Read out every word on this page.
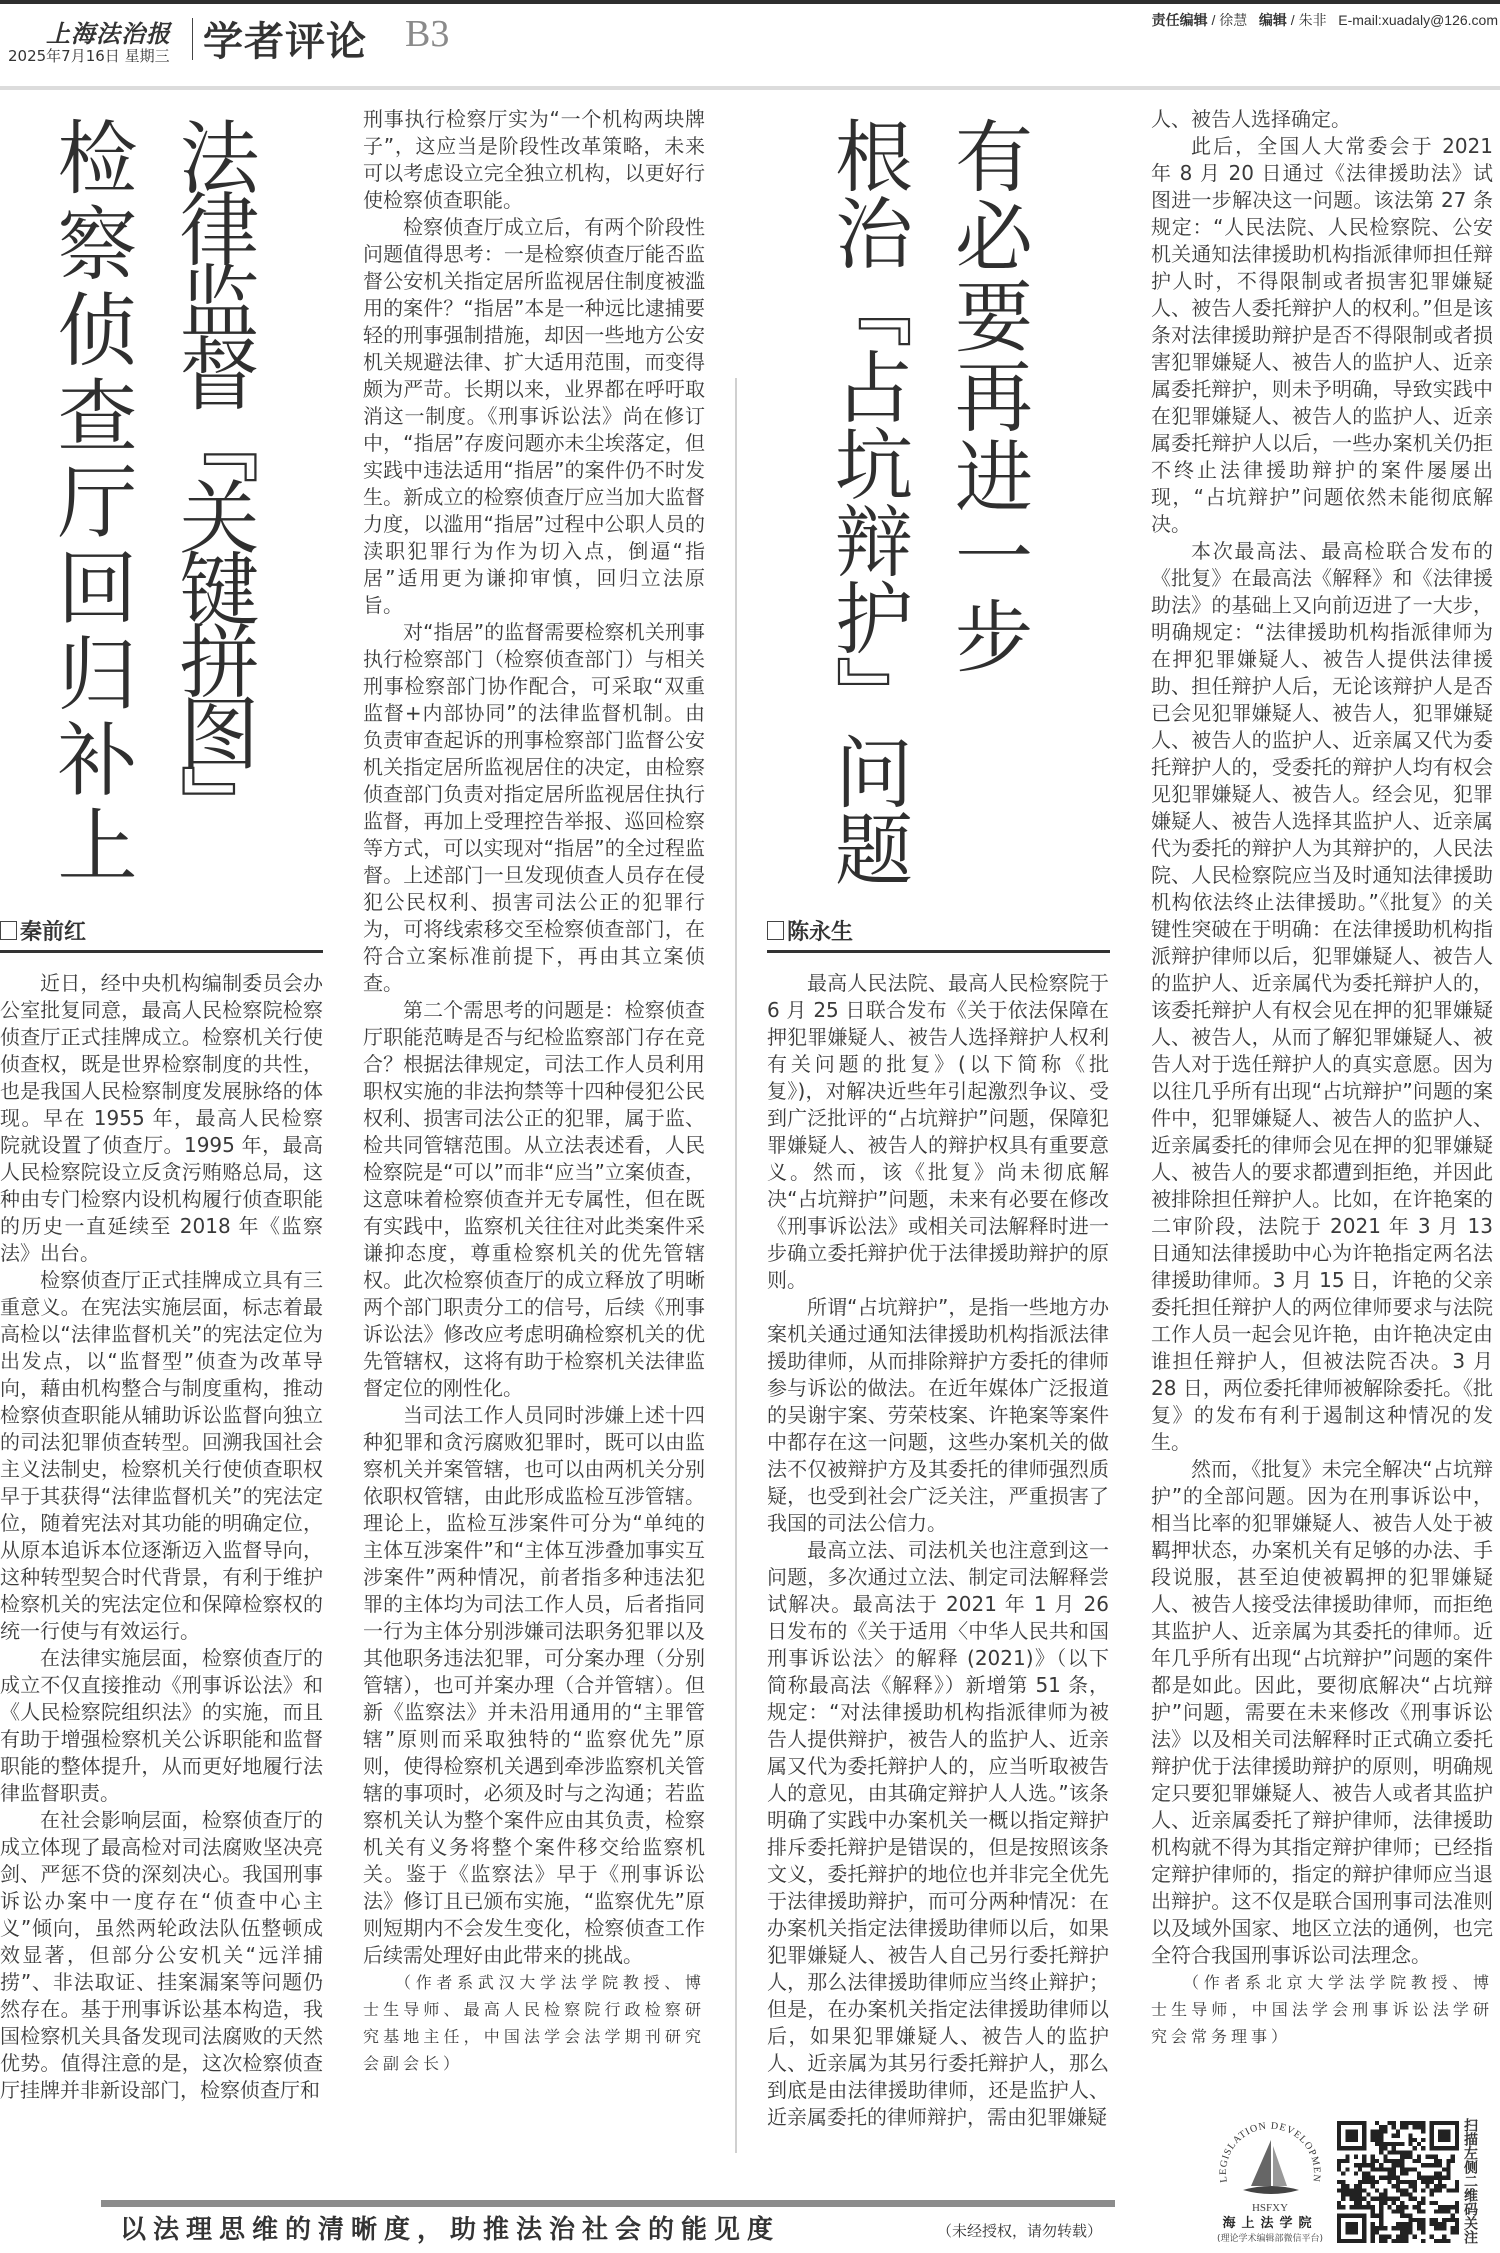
上海法治报
2025年7月16日 星期三 学者评论 B3	责任编辑 / 徐慧 编辑 / 朱非 E-mail:xuadaly@126.com
检察侦查厅回归补上 法律监督『关键拼图』
秦前红

近日，经中央机构编制委员会办公室批复同意，最高人民检察院检察侦查厅正式挂牌成立。检察机关行使侦查权，既是世界检察制度的共性，也是我国人民检察制度发展脉络的体现。早在 1955 年，最高人民检察院就设置了侦查厅。1995 年，最高人民检察院设立反贪污贿赂总局，这种由专门检察内设机构履行侦查职能的历史一直延续至 2018 年《监察法》出台。

检察侦查厅正式挂牌成立具有三重意义。在宪法实施层面，标志着最高检以“法律监督机关”的宪法定位为出发点，以“监督型”侦查为改革导向，藉由机构整合与制度重构，推动检察侦查职能从辅助诉讼监督向独立的司法犯罪侦查转型。回溯我国社会主义法制史，检察机关行使侦查职权早于其获得“法律监督机关”的宪法定位，随着宪法对其功能的明确定位，从原本追诉本位逐渐迈入监督导向，这种转型契合时代背景，有利于维护检察机关的宪法定位和保障检察权的统一行使与有效运行。

在法律实施层面，检察侦查厅的成立不仅直接推动《刑事诉讼法》和《人民检察院组织法》的实施，而且有助于增强检察机关公诉职能和监督职能的整体提升，从而更好地履行法律监督职责。

在社会影响层面，检察侦查厅的成立体现了最高检对司法腐败坚决亮剑、严惩不贷的深刻决心。我国刑事诉讼办案中一度存在“侦查中心主义”倾向，虽然两轮政法队伍整顿成效显著，但部分公安机关“远洋捕捞”、非法取证、挂案漏案等问题仍然存在。基于刑事诉讼基本构造，我国检察机关具备发现司法腐败的天然优势。值得注意的是，这次检察侦查厅挂牌并非新设部门，检察侦查厅和

刑事执行检察厅实为“一个机构两块牌子”，这应当是阶段性改革策略，未来可以考虑设立完全独立机构，以更好行使检察侦查职能。

检察侦查厅成立后，有两个阶段性问题值得思考：一是检察侦查厅能否监督公安机关指定居所监视居住制度被滥用的案件？“指居”本是一种远比逮捕要轻的刑事强制措施，却因一些地方公安机关规避法律、扩大适用范围，而变得颇为严苛。长期以来，业界都在呼吁取消这一制度。《刑事诉讼法》尚在修订中，“指居”存废问题亦未尘埃落定，但实践中违法适用“指居”的案件仍不时发生。新成立的检察侦查厅应当加大监督力度，以滥用“指居”过程中公职人员的渎职犯罪行为作为切入点，倒逼“指居”适用更为谦抑审慎，回归立法原旨。

对“指居”的监督需要检察机关刑事执行检察部门（检察侦查部门）与相关刑事检察部门协作配合，可采取“双重监督+内部协同”的法律监督机制。由负责审查起诉的刑事检察部门监督公安机关指定居所监视居住的决定，由检察侦查部门负责对指定居所监视居住执行监督，再加上受理控告举报、巡回检察等方式，可以实现对“指居”的全过程监督。上述部门一旦发现侦查人员存在侵犯公民权利、损害司法公正的犯罪行为，可将线索移交至检察侦查部门，在符合立案标准前提下，再由其立案侦查。

第二个需思考的问题是：检察侦查厅职能范畴是否与纪检监察部门存在竞合？根据法律规定，司法工作人员利用职权实施的非法拘禁等十四种侵犯公民权利、损害司法公正的犯罪，属于监、检共同管辖范围。从立法表述看，人民检察院是“可以”而非“应当”立案侦查，这意味着检察侦查并无专属性，但在既有实践中，监察机关往往对此类案件采谦抑态度，尊重检察机关的优先管辖权。此次检察侦查厅的成立释放了明晰两个部门职责分工的信号，后续《刑事诉讼法》修改应考虑明确检察机关的优先管辖权，这将有助于检察机关法律监督定位的刚性化。

当司法工作人员同时涉嫌上述十四种犯罪和贪污腐败犯罪时，既可以由监察机关并案管辖，也可以由两机关分别依职权管辖，由此形成监检互涉管辖。理论上，监检互涉案件可分为“单纯的主体互涉案件”和“主体互涉叠加事实互涉案件”两种情况，前者指多种违法犯罪的主体均为司法工作人员，后者指同一行为主体分别涉嫌司法职务犯罪以及其他职务违法犯罪，可分案办理（分别管辖），也可并案办理（合并管辖）。但新《监察法》并未沿用通用的“主罪管辖”原则而采取独特的“监察优先”原则，使得检察机关遇到牵涉监察机关管辖的事项时，必须及时与之沟通；若监察机关认为整个案件应由其负责，检察机关有义务将整个案件移交给监察机关。鉴于《监察法》早于《刑事诉讼法》修订且已颁布实施，“监察优先”原则短期内不会发生变化，检察侦查工作后续需处理好由此带来的挑战。

（作者系武汉大学法学院教授、博士生导师、最高人民检察院行政检察研究基地主任，中国法学会法学期刊研究会副会长）

根治『占坑辩护』问题 有必要再进一步
陈永生

最高人民法院、最高人民检察院于 6 月 25 日联合发布《关于依法保障在押犯罪嫌疑人、被告人选择辩护人权利有关问题的批复》(以下简称《批复》)，对解决近些年引起激烈争议、受到广泛批评的“占坑辩护”问题，保障犯罪嫌疑人、被告人的辩护权具有重要意义。然而，该《批复》尚未彻底解决“占坑辩护”问题，未来有必要在修改《刑事诉讼法》或相关司法解释时进一步确立委托辩护优于法律援助辩护的原则。

所谓“占坑辩护”，是指一些地方办案机关通过通知法律援助机构指派法律援助律师，从而排除辩护方委托的律师参与诉讼的做法。在近年媒体广泛报道的吴谢宇案、劳荣枝案、许艳案等案件中都存在这一问题，这些办案机关的做法不仅被辩护方及其委托的律师强烈质疑，也受到社会广泛关注，严重损害了我国的司法公信力。

最高立法、司法机关也注意到这一问题，多次通过立法、制定司法解释尝试解决。最高法于 2021 年 1 月 26 日发布的《关于适用〈中华人民共和国刑事诉讼法〉的解释 (2021)》（以下简称最高法《解释》）新增第 51 条，规定：“对法律援助机构指派律师为被告人提供辩护，被告人的监护人、近亲属又代为委托辩护人的，应当听取被告人的意见，由其确定辩护人人选。”该条明确了实践中办案机关一概以指定辩护排斥委托辩护是错误的，但是按照该条文义，委托辩护的地位也并非完全优先于法律援助辩护，而可分两种情况：在办案机关指定法律援助律师以后，如果犯罪嫌疑人、被告人自己另行委托辩护人，那么法律援助律师应当终止辩护；但是，在办案机关指定法律援助律师以后，如果犯罪嫌疑人、被告人的监护人、近亲属为其另行委托辩护人，那么到底是由法律援助律师，还是监护人、近亲属委托的律师辩护，需由犯罪嫌疑

人、被告人选择确定。

此后，全国人大常委会于 2021 年 8 月 20 日通过《法律援助法》试图进一步解决这一问题。该法第 27 条规定：“人民法院、人民检察院、公安机关通知法律援助机构指派律师担任辩护人时，不得限制或者损害犯罪嫌疑人、被告人委托辩护人的权利。”但是该条对法律援助辩护是否不得限制或者损害犯罪嫌疑人、被告人的监护人、近亲属委托辩护，则未予明确，导致实践中在犯罪嫌疑人、被告人的监护人、近亲属委托辩护人以后，一些办案机关仍拒不终止法律援助辩护的案件屡屡出现，“占坑辩护”问题依然未能彻底解决。

本次最高法、最高检联合发布的《批复》在最高法《解释》和《法律援助法》的基础上又向前迈进了一大步，明确规定：“法律援助机构指派律师为在押犯罪嫌疑人、被告人提供法律援助、担任辩护人后，无论该辩护人是否已会见犯罪嫌疑人、被告人，犯罪嫌疑人、被告人的监护人、近亲属又代为委托辩护人的，受委托的辩护人均有权会见犯罪嫌疑人、被告人。经会见，犯罪嫌疑人、被告人选择其监护人、近亲属代为委托的辩护人为其辩护的，人民法院、人民检察院应当及时通知法律援助机构依法终止法律援助。”《批复》的关键性突破在于明确：在法律援助机构指派辩护律师以后，犯罪嫌疑人、被告人的监护人、近亲属代为委托辩护人的，该委托辩护人有权会见在押的犯罪嫌疑人、被告人，从而了解犯罪嫌疑人、被告人对于选任辩护人的真实意愿。因为以往几乎所有出现“占坑辩护”问题的案件中，犯罪嫌疑人、被告人的监护人、近亲属委托的律师会见在押的犯罪嫌疑人、被告人的要求都遭到拒绝，并因此被排除担任辩护人。比如，在许艳案的二审阶段，法院于 2021 年 3 月 13 日通知法律援助中心为许艳指定两名法律援助律师。3 月 15 日，许艳的父亲委托担任辩护人的两位律师要求与法院工作人员一起会见许艳，由许艳决定由谁担任辩护人，但被法院否决。3 月 28 日，两位委托律师被解除委托。《批复》的发布有利于遏制这种情况的发生。

然而，《批复》未完全解决“占坑辩护”的全部问题。因为在刑事诉讼中，相当比率的犯罪嫌疑人、被告人处于被羁押状态，办案机关有足够的办法、手段说服，甚至迫使被羁押的犯罪嫌疑人、被告人接受法律援助律师，而拒绝其监护人、近亲属为其委托的律师。近年几乎所有出现“占坑辩护”问题的案件都是如此。因此，要彻底解决“占坑辩护”问题，需要在未来修改《刑事诉讼法》以及相关司法解释时正式确立委托辩护优于法律援助辩护的原则，明确规定只要犯罪嫌疑人、被告人或者其监护人、近亲属委托了辩护律师，法律援助机构就不得为其指定辩护律师；已经指定辩护律师的，指定的辩护律师应当退出辩护。这不仅是联合国刑事司法准则以及域外国家、地区立法的通例，也完全符合我国刑事诉讼司法理念。

（作者系北京大学法学院教授、博士生导师，中国法学会刑事诉讼法学研究会常务理事）

以法理思维的清晰度，助推法治社会的能见度	（未经授权，请勿转载）
LEGISLATION DEVELOPMEN
HSFXY
海上法学院
(理论学术编辑部微信平台)	扫描左侧二维码关注
